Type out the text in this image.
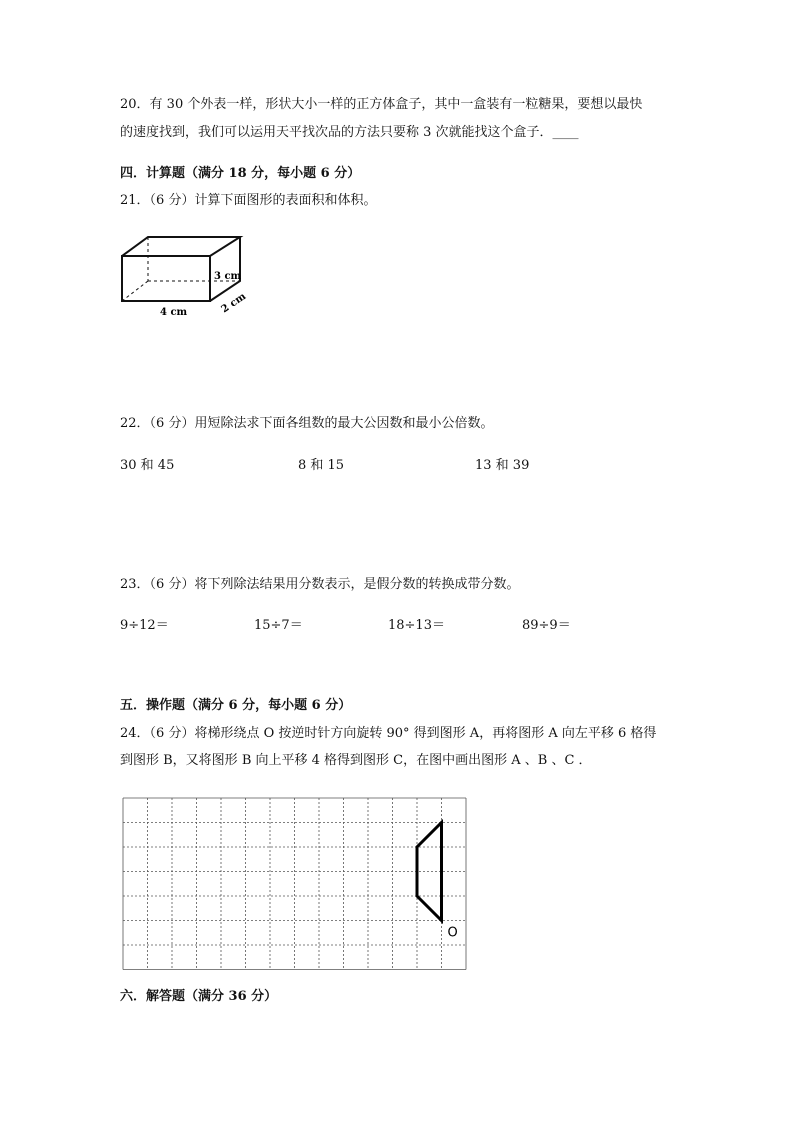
20．有 30 个外表一样，形状大小一样的正方体盒子，其中一盒装有一粒糖果，要想以最快
的速度找到，我们可以运用天平找次品的方法只要称 3 次就能找这个盒子．____
四．计算题（满分 18 分，每小题 6 分）
21．（6 分）计算下面图形的表面积和体积。
3 cm
2 cm
4 cm
22．（6 分）用短除法求下面各组数的最大公因数和最小公倍数。
30 和 45	8 和 15	13 和 39
23．（6 分）将下列除法结果用分数表示，是假分数的转换成带分数。
9÷12＝	15÷7＝	18÷13＝	89÷9＝
五．操作题（满分 6 分，每小题 6 分）
24．（6 分）将梯形绕点 O 按逆时针方向旋转 90° 得到图形 A，再将图形 A 向左平移 6 格得
到图形 B，又将图形 B 向上平移 4 格得到图形 C，在图中画出图形 A 、B 、C ．
O
六．解答题（满分 36 分）
